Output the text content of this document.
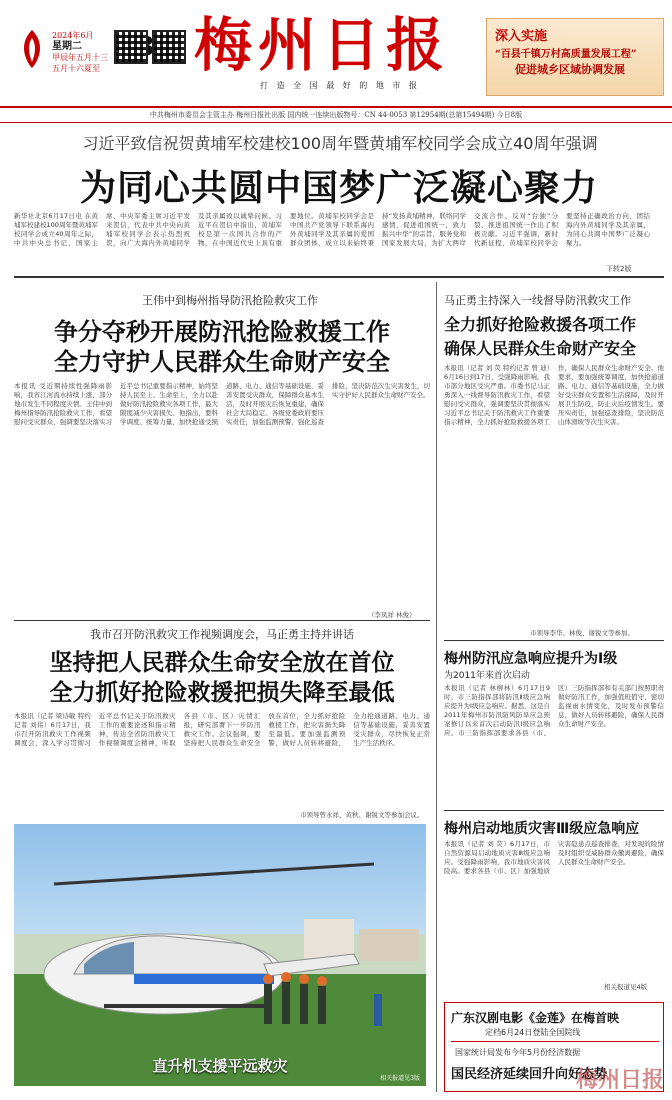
2024年6月
星期二
甲辰年五月十三
五月十六夏至 梅州日报
打 造 全 国 最 好 的 地 市 报
深入实施
“百县千镇万村高质量发展工程”
促进城乡区域协调发展
中共梅州市委员会主管主办 梅州日报社出版 国内统一连续出版物号：CN 44-0053 第12954期(总第15494期) 今日8版
习近平致信祝贺黄埔军校建校100周年暨黄埔军校同学会成立40周年强调
为同心共圆中国梦广泛凝心聚力
新华社北京6月17日电 在黄埔军校建校100周年暨黄埔军校同学会成立40周年之际，中共中央总书记、国家主席、中央军委主席习近平发来贺信，代表中共中央向黄埔军校同学会表示热烈祝贺，向广大海内外黄埔同学及其亲属致以诚挚问候。习近平在贺信中指出，黄埔军校是第一次国共合作的产物，在中国近代史上具有重要地位。黄埔军校同学会是中国共产党领导下联系海内外黄埔同学及其亲属的爱国群众团体，成立以来始终秉持“发扬黄埔精神，联络同学感情，促进祖国统一，致力振兴中华”的宗旨，服务党和国家发展大局，为扩大两岸交流合作、反对“台独”分裂、推进祖国统一作出了积极贡献。习近平强调，新时代新征程，黄埔军校同学会要坚持正确政治方向，团结海内外黄埔同学及其亲属，为同心共圆中国梦广泛凝心聚力。
下转2版
王伟中到梅州指导防汛抢险救灾工作
争分夺秒开展防汛抢险救援工作
全力守护人民群众生命财产安全
本报讯 受近期持续性强降雨影响，我省江河流水持续上涨，部分地市发生不同程度灾情。王伟中到梅州指导防汛抢险救灾工作，看望慰问受灾群众，强调要坚决落实习近平总书记重要指示精神，始终坚持人民至上、生命至上，全力以赴做好防汛抢险救灾各项工作，最大限度减少灾害损失。他指出，要科学调度、统筹力量，加快抢通受损道路、电力、通信等基础设施，妥善安置受灾群众，保障群众基本生活，及时开展灾后恢复重建，确保社会大局稳定。各级党委政府要压实责任，加强监测预警，强化巡查排险，坚决防范次生灾害发生，切实守护好人民群众生命财产安全。
（李凤祥 林俊）
我市召开防汛救灾工作视频调度会，马正勇主持并讲话
坚持把人民群众生命安全放在首位
全力抓好抢险救援把损失降至最低
本报讯（记者 梁诗敏 特约记者 刘伟）6月17日，我市召开防汛救灾工作视频调度会，深入学习贯彻习近平总书记关于防汛救灾工作的重要论述和指示精神，传达全省防汛救灾工作视频调度会精神，听取各县（市、区）灾情汇报，研究部署下一步防汛救灾工作。会议强调，要坚持把人民群众生命安全放在首位，全力抓好抢险救援工作，把灾害损失降至最低。要加强监测预警，做好人员转移避险，全力抢通道路、电力、通信等基础设施，妥善安置受灾群众，尽快恢复正常生产生活秩序。
市领导曾永祥、黄秋、谢锐文等参加会议。
直升机支援平远救灾
相关报道见3版
马正勇主持深入一线督导防汛救灾工作
全力抓好抢险救援各项工作
确保人民群众生命财产安全
本报讯（记者 刘 荧 特约记者 曾 迪）6月16日到17日，受强降雨影响，我市部分地区受灾严重。市委书记马正勇深入一线督导防汛救灾工作，看望慰问受灾群众，强调要坚决贯彻落实习近平总书记关于防汛救灾工作重要指示精神，全力抓好抢险救援各项工作，确保人民群众生命财产安全。他要求，要加强统筹调度，加快抢通道路、电力、通信等基础设施，全力做好受灾群众安置和生活保障，及时开展卫生防疫，防止灾后疫情发生。要压实责任，加强巡查排险，坚决防范山体滑坡等次生灾害。
市领导李华、林俊、谢锐文等参加。
梅州防汛应急响应提升为Ⅰ级
为2011年来首次启动
本报讯（记者 林柳林）6月17日9时，市三防指挥部将防汛Ⅱ级应急响应提升为Ⅰ级应急响应。据悉，这是自2011年梅州市防汛防风防旱应急预案修订以来首次启动防汛Ⅰ级应急响应。市三防指挥部要求各县（市、区）三防指挥部和有关部门按照职责做好防汛工作，加强值班值守，密切监视雨水情变化，及时发布预警信息，做好人员转移避险，确保人民群众生命财产安全。
梅州启动地质灾害Ⅲ级应急响应
本报讯（记者 刘 荧）6月17日，市自然资源局启动地质灾害Ⅲ级应急响应。受强降雨影响，我市地质灾害风险高。要求各县（市、区）加强地质灾害隐患点巡查排查，对发现的险情及时组织受威胁群众撤离避险，确保人民群众生命财产安全。
相关报道见4版
广东汉剧电影《金莲》在梅首映
定档6月24日登陆全国院线
国家统计局发布今年5月份经济数据
国民经济延续回升向好态势
梅州日报
